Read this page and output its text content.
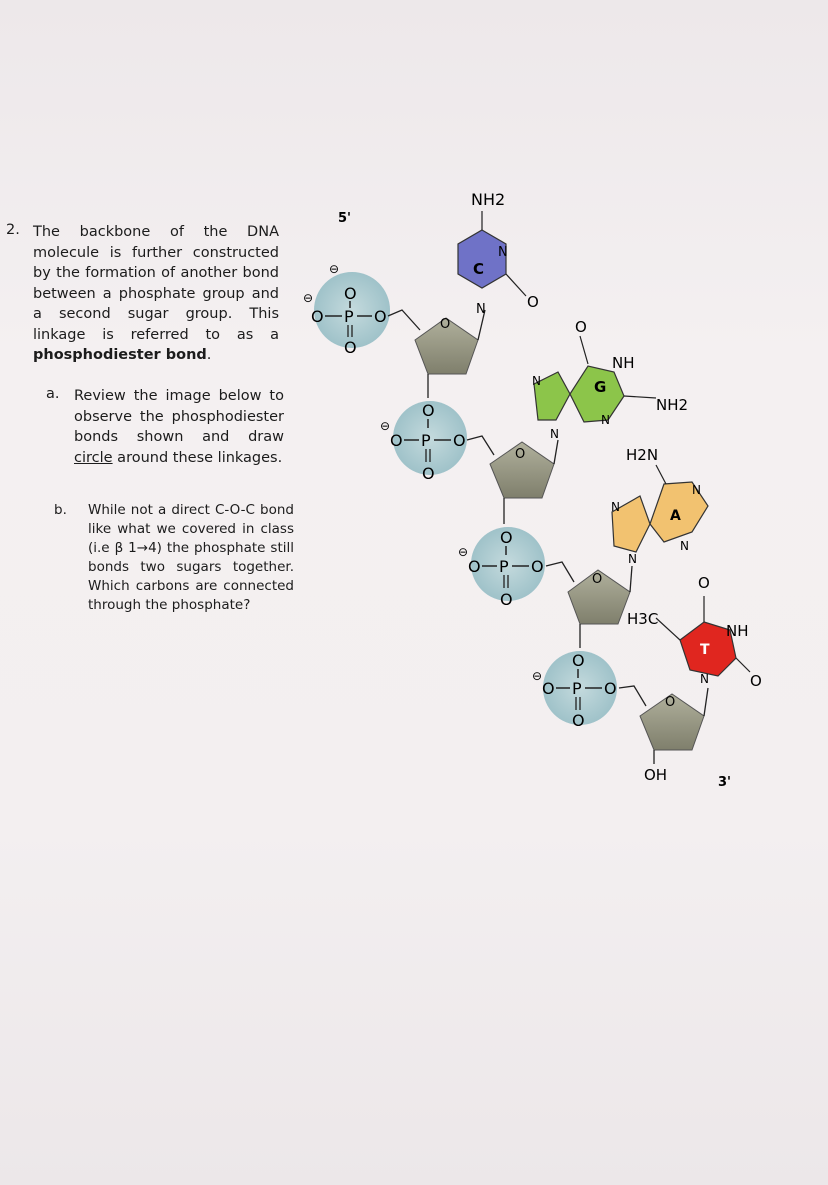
2. The backbone of the DNA molecule is further constructed by the formation of another bond between a phosphate group and a second sugar group. This linkage is referred to as a phosphodiester bond.
a. Review the image below to observe the phosphodiester bonds shown and draw circle around these linkages.
b. While not a direct C-O-C bond like what we covered in class (i.e β 1→4) the phosphate still bonds two sugars together. Which carbons are connected through the phosphate?
5'
3'
⊖
⊖ O
O P O
O
O
NH2
N
N	O
C
⊖
O
O P O
O
O
N
N
N
O
NH
NH2
G
⊖
O
O P O
O
O
H2N
N
N
N
N
A
⊖
O
O P O
O
O
OH
H3C
O
NH
O
N
T
